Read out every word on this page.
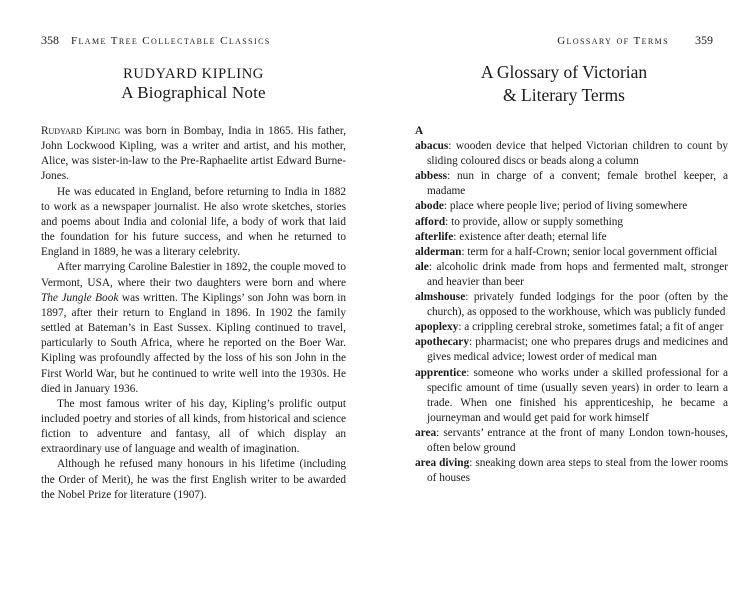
358 Flame Tree Collectable Classics
RUDYARD KIPLING
A Biographical Note

Rudyard Kipling was born in Bombay, India in 1865. His father, John Lockwood Kipling, was a writer and artist, and his mother, Alice, was sister-in-law to the Pre-Raphaelite artist Edward Burne-Jones.

He was educated in England, before returning to India in 1882 to work as a newspaper journalist. He also wrote sketches, stories and poems about India and colonial life, a body of work that laid the foundation for his future success, and when he returned to England in 1889, he was a literary celebrity.

After marrying Caroline Balestier in 1892, the couple moved to Vermont, USA, where their two daughters were born and where The Jungle Book was written. The Kiplings’ son John was born in 1897, after their return to England in 1896. In 1902 the family settled at Bateman’s in East Sussex. Kipling continued to travel, particularly to South Africa, where he reported on the Boer War. Kipling was profoundly affected by the loss of his son John in the First World War, but he continued to write well into the 1930s. He died in January 1936.

The most famous writer of his day, Kipling’s prolific output included poetry and stories of all kinds, from historical and science fiction to adventure and fantasy, all of which display an extraordinary use of language and wealth of imagination.

Although he refused many honours in his lifetime (including the Order of Merit), he was the first English writer to be awarded the Nobel Prize for literature (1907).

Glossary of Terms 359
A Glossary of Victorian
& Literary Terms

A

abacus: wooden device that helped Victorian children to count by sliding coloured discs or beads along a column

abbess: nun in charge of a convent; female brothel keeper, a madame

abode: place where people live; period of living somewhere

afford: to provide, allow or supply something

afterlife: existence after death; eternal life

alderman: term for a half-Crown; senior local government official

ale: alcoholic drink made from hops and fermented malt, stronger and heavier than beer

almshouse: privately funded lodgings for the poor (often by the church), as opposed to the workhouse, which was publicly funded

apoplexy: a crippling cerebral stroke, sometimes fatal; a fit of anger

apothecary: pharmacist; one who prepares drugs and medicines and gives medical advice; lowest order of medical man

apprentice: someone who works under a skilled professional for a specific amount of time (usually seven years) in order to learn a trade. When one finished his apprenticeship, he became a journeyman and would get paid for work himself

area: servants’ entrance at the front of many London town-houses, often below ground

area diving: sneaking down area steps to steal from the lower rooms of houses
